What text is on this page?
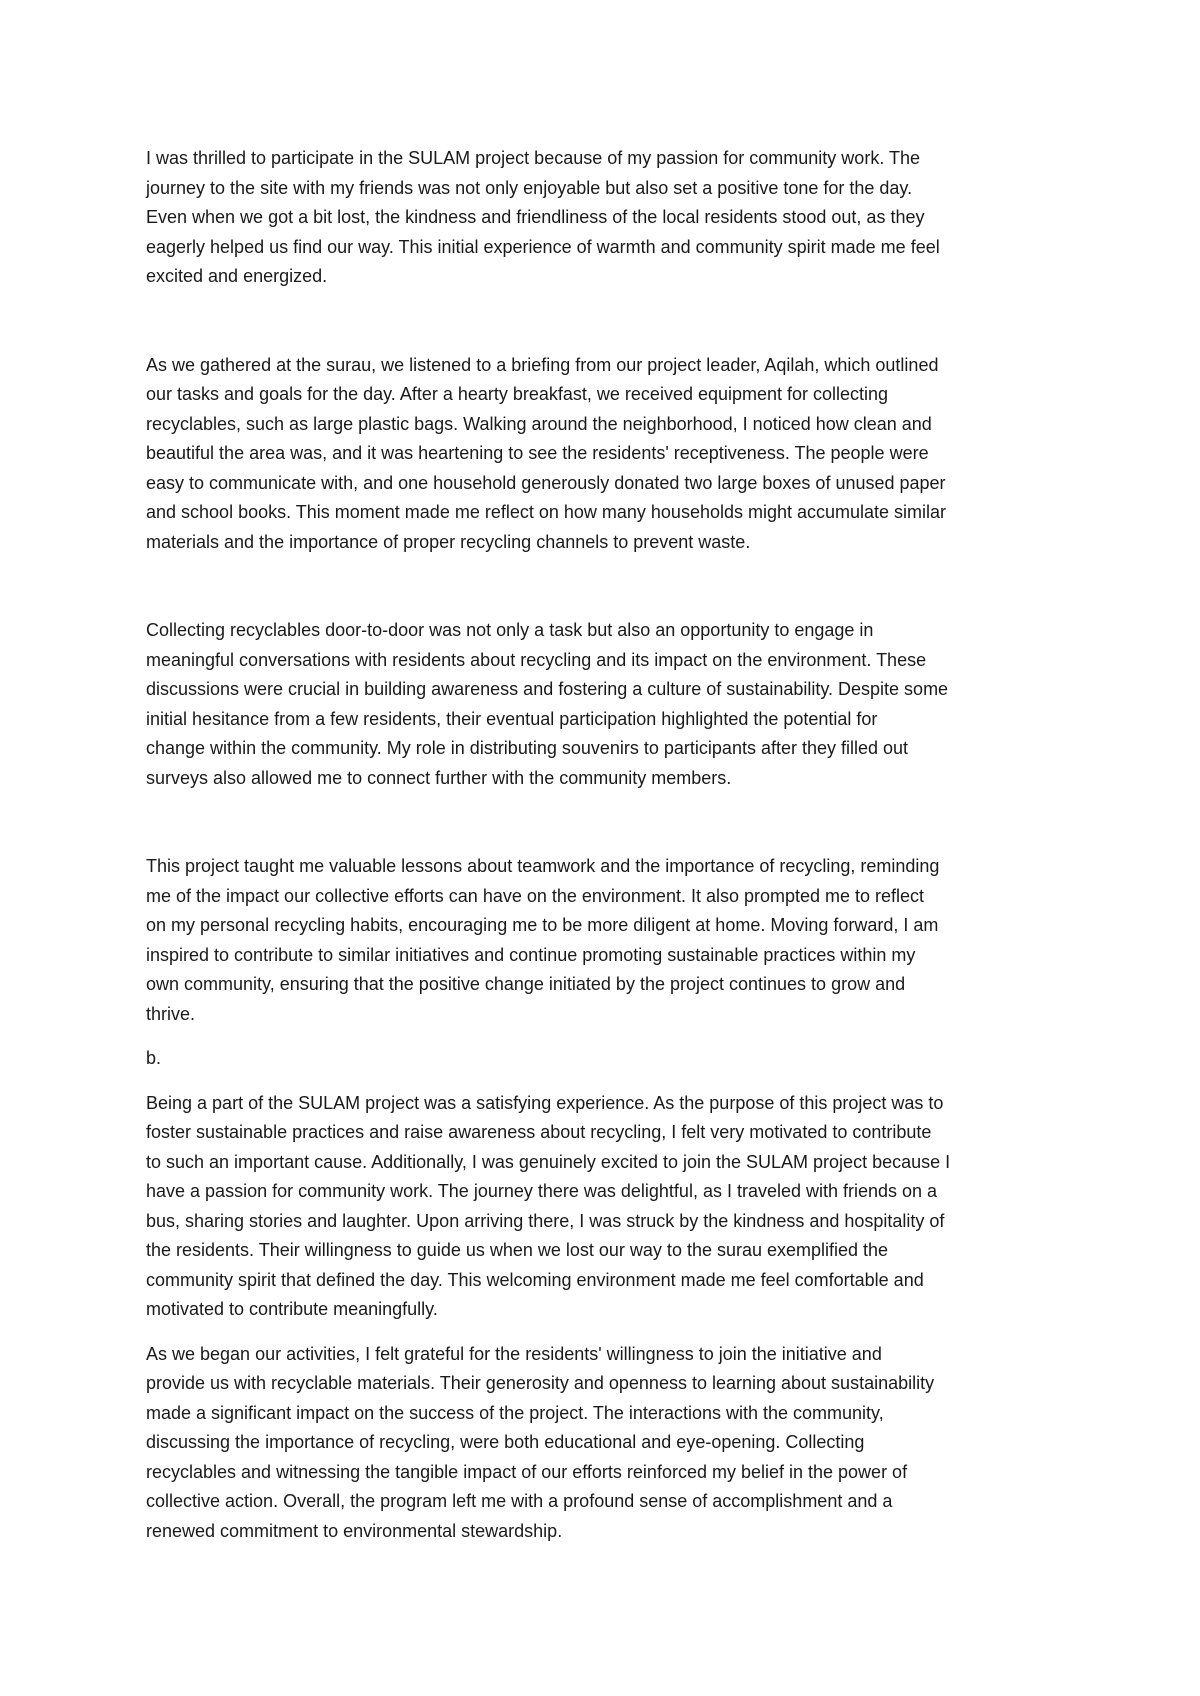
I was thrilled to participate in the SULAM project because of my passion for community work. The
journey to the site with my friends was not only enjoyable but also set a positive tone for the day.
Even when we got a bit lost, the kindness and friendliness of the local residents stood out, as they
eagerly helped us find our way. This initial experience of warmth and community spirit made me feel
excited and energized.

As we gathered at the surau, we listened to a briefing from our project leader, Aqilah, which outlined
our tasks and goals for the day. After a hearty breakfast, we received equipment for collecting
recyclables, such as large plastic bags. Walking around the neighborhood, I noticed how clean and
beautiful the area was, and it was heartening to see the residents' receptiveness. The people were
easy to communicate with, and one household generously donated two large boxes of unused paper
and school books. This moment made me reflect on how many households might accumulate similar
materials and the importance of proper recycling channels to prevent waste.

Collecting recyclables door-to-door was not only a task but also an opportunity to engage in
meaningful conversations with residents about recycling and its impact on the environment. These
discussions were crucial in building awareness and fostering a culture of sustainability. Despite some
initial hesitance from a few residents, their eventual participation highlighted the potential for
change within the community. My role in distributing souvenirs to participants after they filled out
surveys also allowed me to connect further with the community members.

This project taught me valuable lessons about teamwork and the importance of recycling, reminding
me of the impact our collective efforts can have on the environment. It also prompted me to reflect
on my personal recycling habits, encouraging me to be more diligent at home. Moving forward, I am
inspired to contribute to similar initiatives and continue promoting sustainable practices within my
own community, ensuring that the positive change initiated by the project continues to grow and
thrive.

b.

Being a part of the SULAM project was a satisfying experience. As the purpose of this project was to
foster sustainable practices and raise awareness about recycling, I felt very motivated to contribute
to such an important cause. Additionally, I was genuinely excited to join the SULAM project because I
have a passion for community work. The journey there was delightful, as I traveled with friends on a
bus, sharing stories and laughter. Upon arriving there, I was struck by the kindness and hospitality of
the residents. Their willingness to guide us when we lost our way to the surau exemplified the
community spirit that defined the day. This welcoming environment made me feel comfortable and
motivated to contribute meaningfully.

As we began our activities, I felt grateful for the residents' willingness to join the initiative and
provide us with recyclable materials. Their generosity and openness to learning about sustainability
made a significant impact on the success of the project. The interactions with the community,
discussing the importance of recycling, were both educational and eye-opening. Collecting
recyclables and witnessing the tangible impact of our efforts reinforced my belief in the power of
collective action. Overall, the program left me with a profound sense of accomplishment and a
renewed commitment to environmental stewardship.
